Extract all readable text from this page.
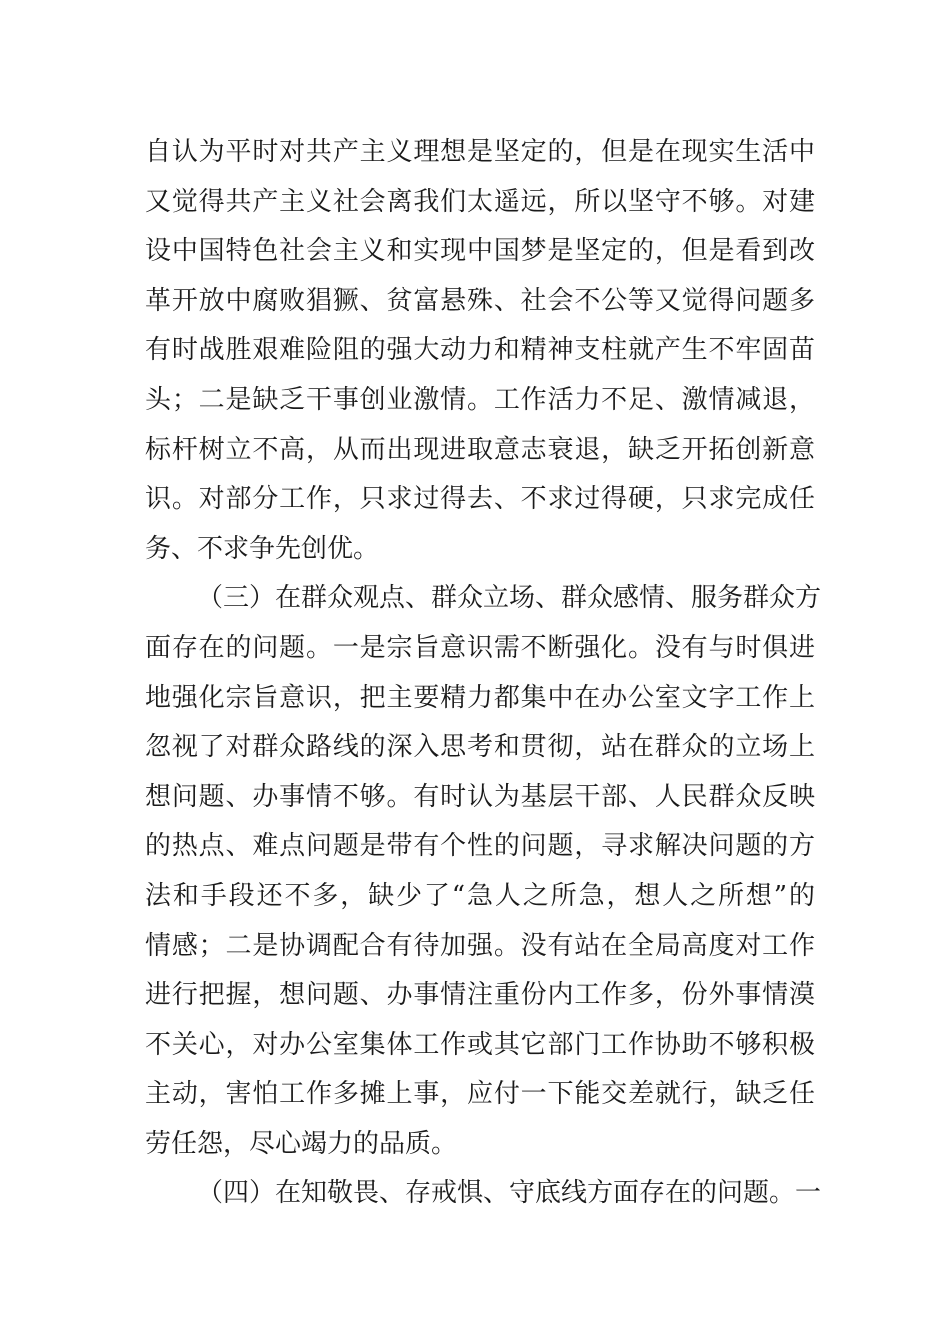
自认为平时对共产主义理想是坚定的，但是在现实生活中
又觉得共产主义社会离我们太遥远，所以坚守不够。对建
设中国特色社会主义和实现中国梦是坚定的，但是看到改
革开放中腐败猖獗、贫富悬殊、社会不公等又觉得问题多
有时战胜艰难险阻的强大动力和精神支柱就产生不牢固苗
头；二是缺乏干事创业激情。工作活力不足、激情减退，
标杆树立不高，从而出现进取意志衰退，缺乏开拓创新意
识。对部分工作，只求过得去、不求过得硬，只求完成任
务、不求争先创优。
（三）在群众观点、群众立场、群众感情、服务群众方
面存在的问题。一是宗旨意识需不断强化。没有与时俱进
地强化宗旨意识，把主要精力都集中在办公室文字工作上
忽视了对群众路线的深入思考和贯彻，站在群众的立场上
想问题、办事情不够。有时认为基层干部、人民群众反映
的热点、难点问题是带有个性的问题，寻求解决问题的方
法和手段还不多，缺少了“急人之所急，想人之所想”的
情感；二是协调配合有待加强。没有站在全局高度对工作
进行把握，想问题、办事情注重份内工作多，份外事情漠
不关心，对办公室集体工作或其它部门工作协助不够积极
主动，害怕工作多摊上事，应付一下能交差就行，缺乏任
劳任怨，尽心竭力的品质。
（四）在知敬畏、存戒惧、守底线方面存在的问题。一
